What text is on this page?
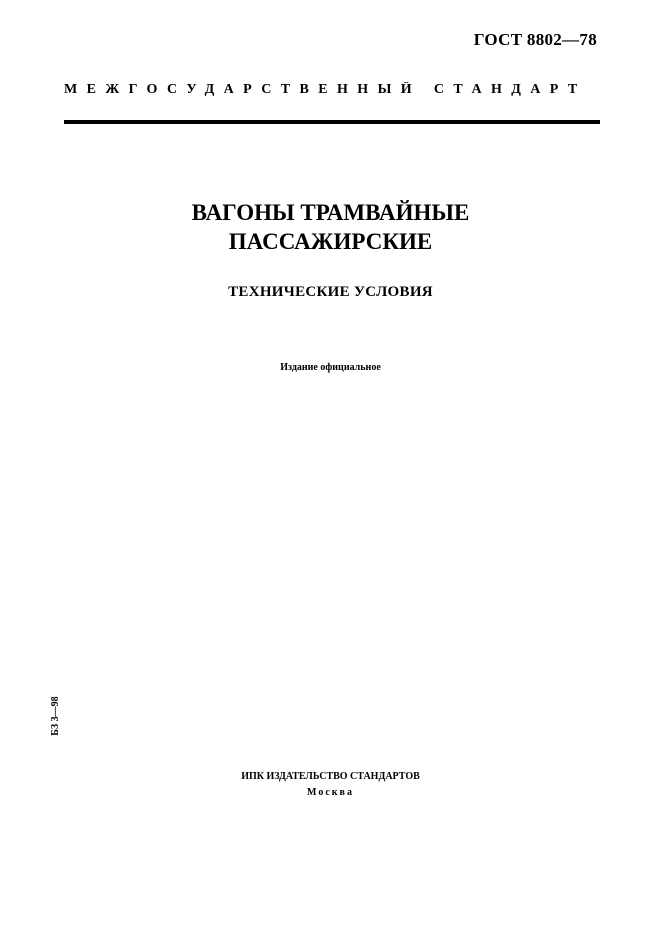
ГОСТ 8802—78
МЕЖГОСУДАРСТВЕННЫЙ СТАНДАРТ
ВАГОНЫ ТРАМВАЙНЫЕ
ПАССАЖИРСКИЕ
ТЕХНИЧЕСКИЕ УСЛОВИЯ
Издание официальное
БЗ 3—98
ИПК ИЗДАТЕЛЬСТВО СТАНДАРТОВ
Москва
